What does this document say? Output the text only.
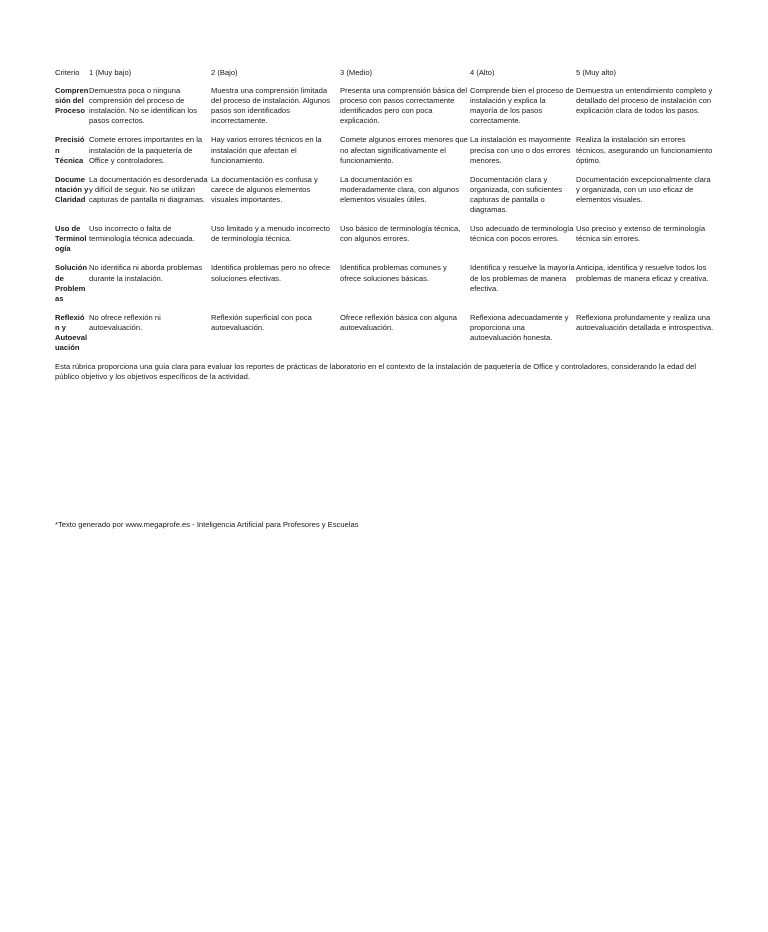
Criterio	1 (Muy bajo)	2 (Bajo)	3 (Medio)	4 (Alto)	5 (Muy alto)
Comprensión del Proceso	Demuestra poca o ninguna comprensión del proceso de instalación. No se identifican los pasos correctos.	Muestra una comprensión limitada del proceso de instalación. Algunos pasos son identificados incorrectamente.	Presenta una comprensión básica del proceso con pasos correctamente identificados pero con poca explicación.	Comprende bien el proceso de instalación y explica la mayoría de los pasos correctamente.	Demuestra un entendimiento completo y detallado del proceso de instalación con explicación clara de todos los pasos.
Precisión Técnica	Comete errores importantes en la instalación de la paquetería de Office y controladores.	Hay varios errores técnicos en la instalación que afectan el funcionamiento.	Comete algunos errores menores que no afectan significativamente el funcionamiento.	La instalación es mayormente precisa con uno o dos errores menores.	Realiza la instalación sin errores técnicos, asegurando un funcionamiento óptimo.
Documentación y Claridad	La documentación es desordenada y difícil de seguir. No se utilizan capturas de pantalla ni diagramas.	La documentación es confusa y carece de algunos elementos visuales importantes.	La documentación es moderadamente clara, con algunos elementos visuales útiles.	Documentación clara y organizada, con suficientes capturas de pantalla o diagramas.	Documentación excepcionalmente clara y organizada, con un uso eficaz de elementos visuales.
Uso de Terminología	Uso incorrecto o falta de terminología técnica adecuada.	Uso limitado y a menudo incorrecto de terminología técnica.	Uso básico de terminología técnica, con algunos errores.	Uso adecuado de terminología técnica con pocos errores.	Uso preciso y extenso de terminología técnica sin errores.
Solución de Problemas	No identifica ni aborda problemas durante la instalación.	Identifica problemas pero no ofrece soluciones efectivas.	Identifica problemas comunes y ofrece soluciones básicas.	Identifica y resuelve la mayoría de los problemas de manera efectiva.	Anticipa, identifica y resuelve todos los problemas de manera eficaz y creativa.
Reflexión y Autoevaluación	No ofrece reflexión ni autoevaluación.	Reflexión superficial con poca autoevaluación.	Ofrece reflexión básica con alguna autoevaluación.	Reflexiona adecuadamente y proporciona una autoevaluación honesta.	Reflexiona profundamente y realiza una autoevaluación detallada e introspectiva.

Esta rúbrica proporciona una guía clara para evaluar los reportes de prácticas de laboratorio en el contexto de la instalación de paquetería de Office y controladores, considerando la edad del público objetivo y los objetivos específicos de la actividad.

*Texto generado por www.megaprofe.es - Inteligencia Artificial para Profesores y Escuelas
